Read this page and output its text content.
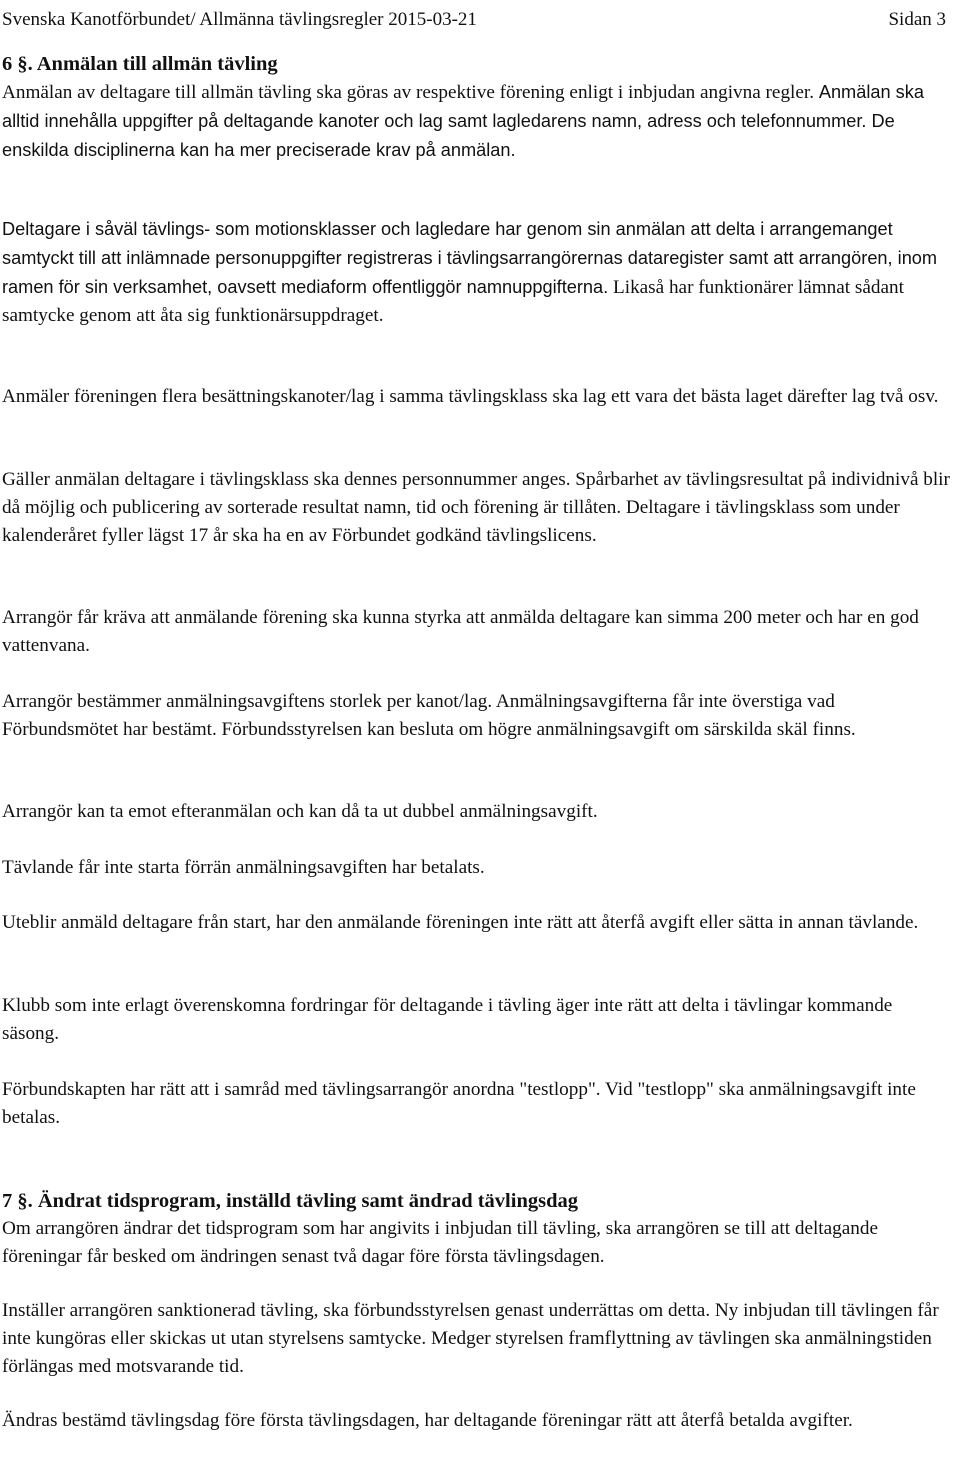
Svenska Kanotförbundet/ Allmänna tävlingsregler 2015-03-21	Sidan 3

6 §. Anmälan till allmän tävling

Anmälan av deltagare till allmän tävling ska göras av respektive förening enligt i inbjudan angivna regler. Anmälan ska alltid innehålla uppgifter på deltagande kanoter och lag samt lagledarens namn, adress och telefonnummer. De enskilda disciplinerna kan ha mer preciserade krav på anmälan.

Deltagare i såväl tävlings- som motionsklasser och lagledare har genom sin anmälan att delta i arrangemanget samtyckt till att inlämnade personuppgifter registreras i tävlingsarrangörernas dataregister samt att arrangören, inom ramen för sin verksamhet, oavsett mediaform offentliggör namnuppgifterna. Likaså har funktionärer lämnat sådant samtycke genom att åta sig funktionärsuppdraget.

Anmäler föreningen flera besättningskanoter/lag i samma tävlingsklass ska lag ett vara det bästa laget därefter lag två osv.

Gäller anmälan deltagare i tävlingsklass ska dennes personnummer anges. Spårbarhet av tävlingsresultat på individnivå blir då möjlig och publicering av sorterade resultat namn, tid och förening är tillåten. Deltagare i tävlingsklass som under kalenderåret fyller lägst 17 år ska ha en av Förbundet godkänd tävlingslicens.

Arrangör får kräva att anmälande förening ska kunna styrka att anmälda deltagare kan simma 200 meter och har en god vattenvana.

Arrangör bestämmer anmälningsavgiftens storlek per kanot/lag. Anmälningsavgifterna får inte överstiga vad Förbundsmötet har bestämt. Förbundsstyrelsen kan besluta om högre anmälningsavgift om särskilda skäl finns.

Arrangör kan ta emot efteranmälan och kan då ta ut dubbel anmälningsavgift.

Tävlande får inte starta förrän anmälningsavgiften har betalats.

Uteblir anmäld deltagare från start, har den anmälande föreningen inte rätt att återfå avgift eller sätta in annan tävlande.

Klubb som inte erlagt överenskomna fordringar för deltagande i tävling äger inte rätt att delta i tävlingar kommande säsong.

Förbundskapten har rätt att i samråd med tävlingsarrangör anordna "testlopp". Vid "testlopp" ska anmälningsavgift inte betalas.

7 §. Ändrat tidsprogram, inställd tävling samt ändrad tävlingsdag

Om arrangören ändrar det tidsprogram som har angivits i inbjudan till tävling, ska arrangören se till att deltagande föreningar får besked om ändringen senast två dagar före första tävlingsdagen.

Inställer arrangören sanktionerad tävling, ska förbundsstyrelsen genast underrättas om detta. Ny inbjudan till tävlingen får inte kungöras eller skickas ut utan styrelsens samtycke. Medger styrelsen framflyttning av tävlingen ska anmälningstiden förlängas med motsvarande tid.

Ändras bestämd tävlingsdag före första tävlingsdagen, har deltagande föreningar rätt att återfå betalda avgifter.
